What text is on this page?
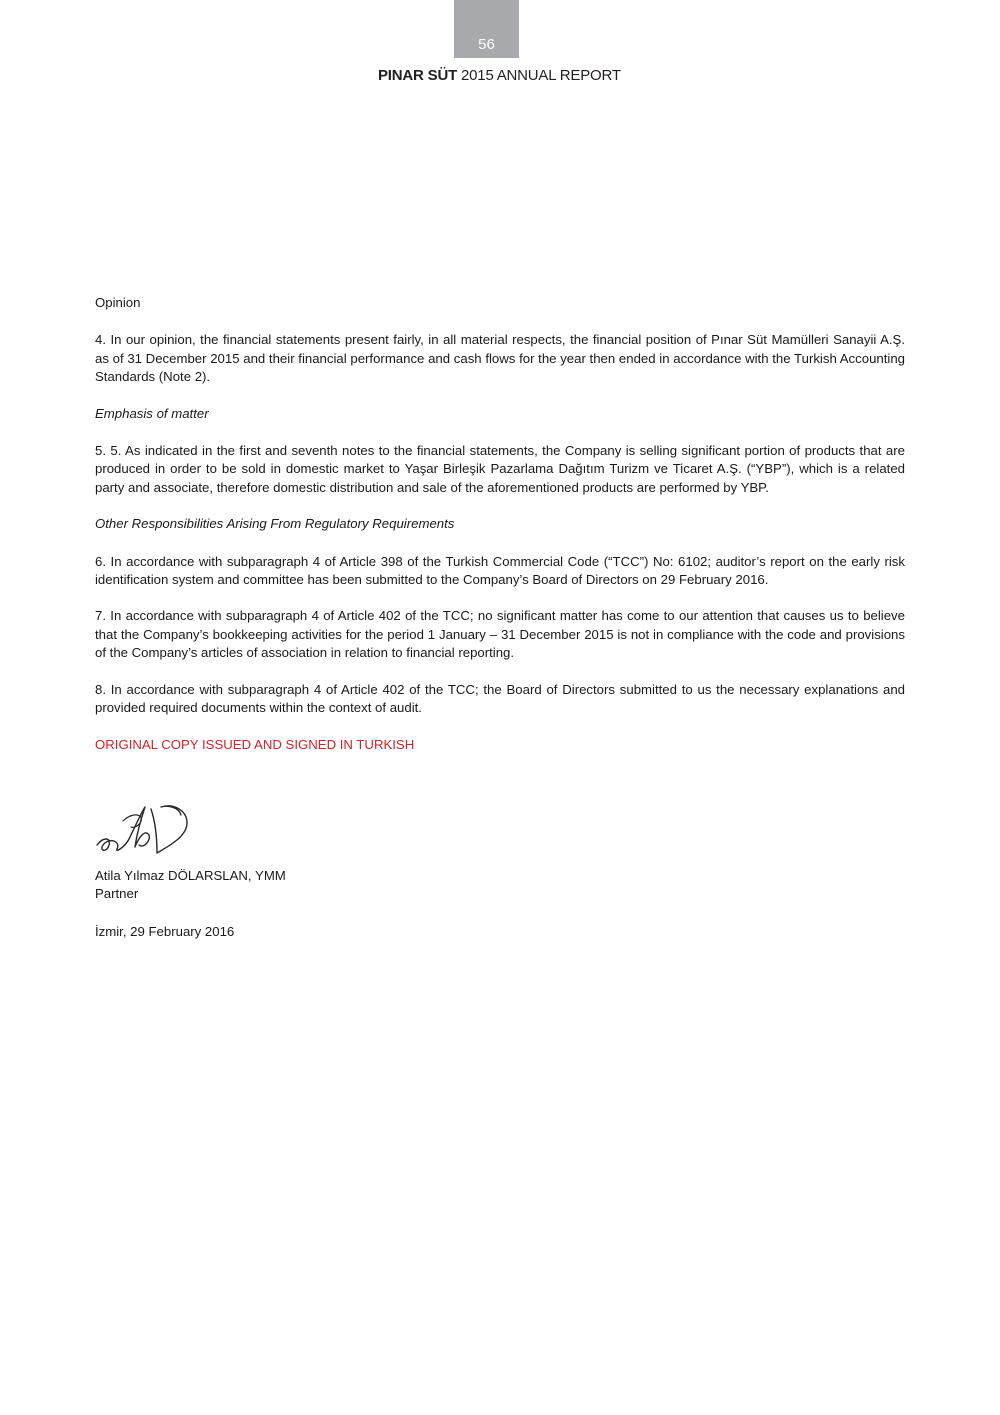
56
PINAR SÜT 2015 ANNUAL REPORT

Opinion

4. In our opinion, the financial statements present fairly, in all material respects, the financial position of Pınar Süt Mamülleri Sanayii A.Ş. as of 31 December 2015 and their financial performance and cash flows for the year then ended in accordance with the Turkish Accounting Standards (Note 2).

Emphasis of matter

5. 5. As indicated in the first and seventh notes to the financial statements, the Company is selling significant portion of products that are produced in order to be sold in domestic market to Yaşar Birleşik Pazarlama Dağıtım Turizm ve Ticaret A.Ş. (“YBP”), which is a related party and associate, therefore domestic distribution and sale of the aforementioned products are performed by YBP.

Other Responsibilities Arising From Regulatory Requirements

6. In accordance with subparagraph 4 of Article 398 of the Turkish Commercial Code (“TCC”) No: 6102; auditor’s report on the early risk identification system and committee has been submitted to the Company’s Board of Directors on 29 February 2016.

7. In accordance with subparagraph 4 of Article 402 of the TCC; no significant matter has come to our attention that causes us to believe that the Company’s bookkeeping activities for the period 1 January – 31 December 2015 is not in compliance with the code and provisions of the Company’s articles of association in relation to financial reporting.

8. In accordance with subparagraph 4 of Article 402 of the TCC; the Board of Directors submitted to us the necessary explanations and provided required documents within the context of audit.

ORIGINAL COPY ISSUED AND SIGNED IN TURKISH

Atila Yılmaz DÖLARSLAN, YMM
Partner
İzmir, 29 February 2016
